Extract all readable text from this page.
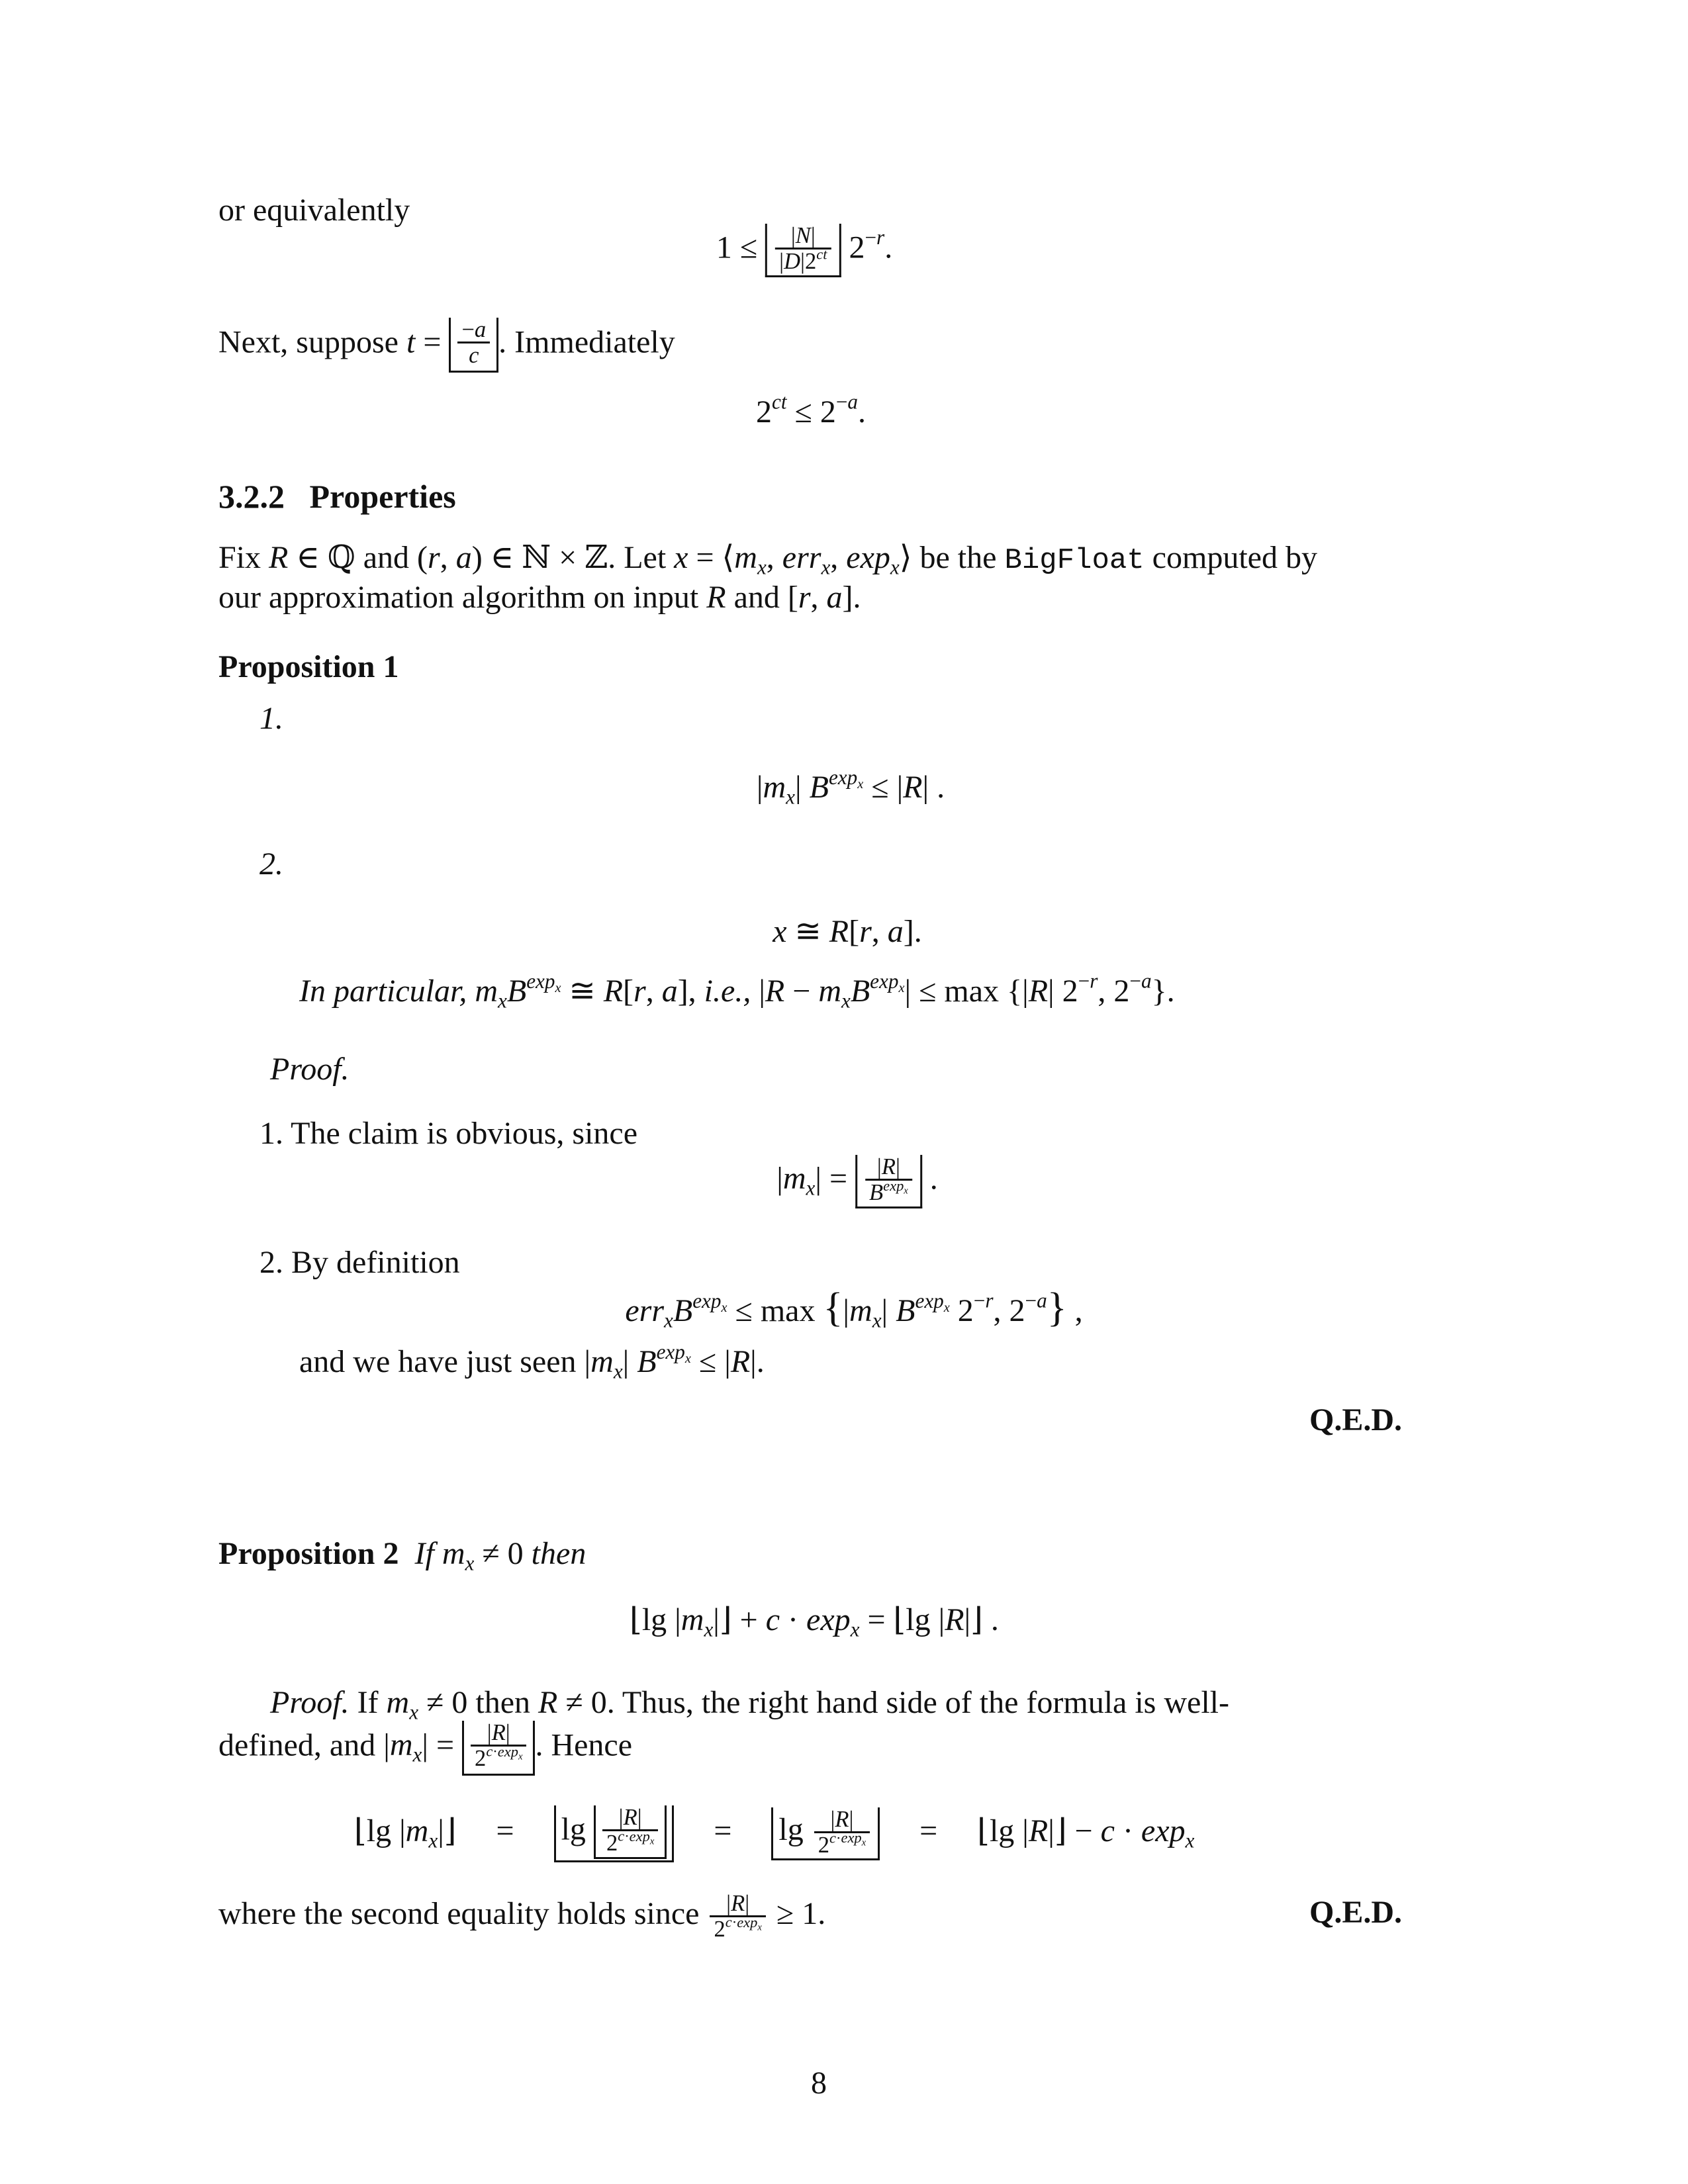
or equivalently
$1 \le \frac{|N|}{|D|2^{ct}} 2^{-r}$.
Next, suppose $t = \frac{-a}{c}$ . Immediately
$2^{ct} \le 2^{-a}$.
3.2.2 Properties
Fix R ∈ ℚ and (r, a) ∈ ℕ × ℤ. Let $x = ⟨m_x$, err$_x$, $\exp_x⟩$ be the BigFloat computed by
our approximation algorithm on input R and [r, a].
Proposition 1
1.
$|m_x|$ $B^{exp_x} \le |R|$ .
2.
x ≅ R[r, a].
In particular, $m_xB^{exp_x}$ ≅ R[r, a], i.e., $|R - m_xB^{exp_x}| \le \max \{|R|$ $2^{-r}$, $2^{-a}$}.
Proof.
1. The claim is obvious, since
$|m_x| = \frac{|R|}{B^{exp_x}}$ .
2. By definition
$err_xB^{exp_x} \le \max \{|m_x|$ $B^{exp_x}$ $2^{-r}$, $2^{-a}$} ,
and we have just seen $|m_x|$ $B^{exp_x} \le |R|$.
Q.E.D.
Proposition 2 If $m_x \ne 0$ then
⌊lg $|m_x|⌋ + c \cdot \exp_x$ = ⌊lg |R|⌋ .
Proof. If $m_x \ne 0$ then R ≠ 0. Thus, the right hand side of the formula is well-
defined, and $|m_x| = \frac{|R|}{2^{c\cdot exp_x}}$ . Hence
⌊lg $|m_x|⌋$     =     $\lg \frac{|R|}{2^{c\cdot exp_x}}$ =     $\lg \frac{|R|}{2^{c\cdot exp_x}}$ =     ⌊lg |R|⌋ − $c \cdot \exp_x$
where the second equality holds since $\frac{|R|}{2^{c\cdot exp_x}} \ge 1$.	Q.E.D.
8
